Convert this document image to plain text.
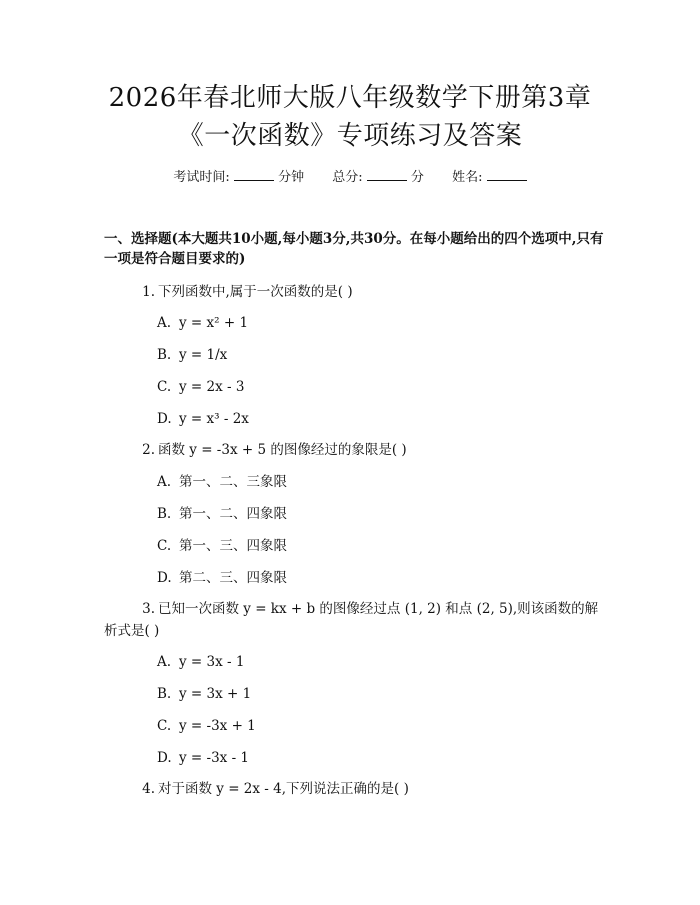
2026年春北师大版八年级数学下册第3章
《一次函数》专项练习及答案
考试时间:	分钟 总分:	分 姓名:
一、选择题(本大题共10小题,每小题3分,共30分。在每小题给出的四个选项中,只有一项是符合题目要求的)
1. 下列函数中,属于一次函数的是( )
A. y = x² + 1
B. y = 1/x
C. y = 2x - 3
D. y = x³ - 2x
2. 函数 y = -3x + 5 的图像经过的象限是( )
A. 第一、二、三象限
B. 第一、二、四象限
C. 第一、三、四象限
D. 第二、三、四象限
3. 已知一次函数 y = kx + b 的图像经过点 (1, 2) 和点 (2, 5),则该函数的解析式是( )
A. y = 3x - 1
B. y = 3x + 1
C. y = -3x + 1
D. y = -3x - 1
4. 对于函数 y = 2x - 4,下列说法正确的是( )
